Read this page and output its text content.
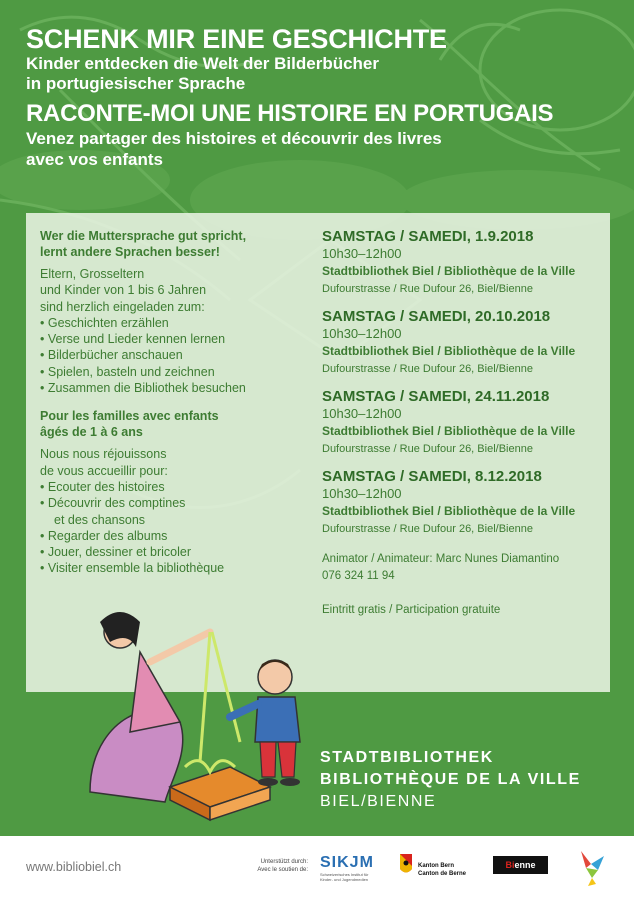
SCHENK MIR EINE GESCHICHTE
Kinder entdecken die Welt der Bilderbücher
in portugiesischer Sprache
RACONTE-MOI UNE HISTOIRE EN PORTUGAIS
Venez partager des histoires et découvrir des livres
avec vos enfants
Wer die Muttersprache gut spricht,
lernt andere Sprachen besser!
Eltern, Grosseltern
und Kinder von 1 bis 6 Jahren
sind herzlich eingeladen zum:
• Geschichten erzählen
• Verse und Lieder kennen lernen
• Bilderbücher anschauen
• Spielen, basteln und zeichnen
• Zusammen die Bibliothek besuchen
Pour les familles avec enfants
âgés de 1 à 6 ans
Nous nous réjouissons
de vous accueillir pour:
• Ecouter des histoires
• Découvrir des comptines
et des chansons
• Regarder des albums
• Jouer, dessiner et bricoler
• Visiter ensemble la bibliothèque
SAMSTAG / SAMEDI, 1.9.2018
10h30–12h00
Stadtbibliothek Biel / Bibliothèque de la Ville
Dufourstrasse / Rue Dufour 26, Biel/Bienne
SAMSTAG / SAMEDI, 20.10.2018
10h30–12h00
Stadtbibliothek Biel / Bibliothèque de la Ville
Dufourstrasse / Rue Dufour 26, Biel/Bienne
SAMSTAG / SAMEDI, 24.11.2018
10h30–12h00
Stadtbibliothek Biel / Bibliothèque de la Ville
Dufourstrasse / Rue Dufour 26, Biel/Bienne
SAMSTAG / SAMEDI, 8.12.2018
10h30–12h00
Stadtbibliothek Biel / Bibliothèque de la Ville
Dufourstrasse / Rue Dufour 26, Biel/Bienne
Animator / Animateur: Marc Nunes Diamantino
076 324 11 94
Eintritt gratis / Participation gratuite
STADTBIBLIOTHEK
BIBLIOTHÈQUE DE LA VILLE
BIEL/BIENNE
www.bibliobiel.ch	Unterstützt durch:
Avec le soutien de: SIKJM
Schweizerisches Institut für
Kinder- und Jugendmedien
Kanton Bern
Canton de Berne
Bienne
